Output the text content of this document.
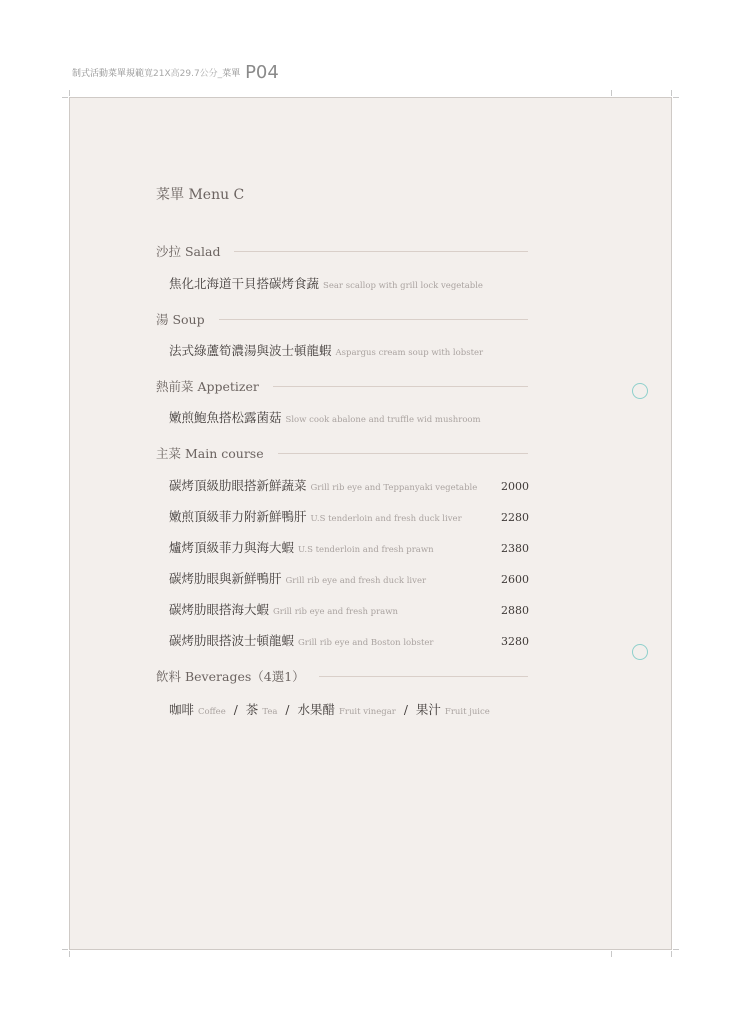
制式活動菜單規範寬21X高29.7公分_菜單 P04
菜單 Menu C
沙拉 Salad
焦化北海道干貝搭碳烤食蔬 Sear scallop with grill lock vegetable
湯 Soup
法式綠蘆筍濃湯與波士頓龍蝦 Aspargus cream soup with lobster
熱前菜 Appetizer
嫩煎鮑魚搭松露菌菇 Slow cook abalone and truffle wid mushroom
主菜 Main course
碳烤頂級肋眼搭新鮮蔬菜 Grill rib eye and Teppanyaki vegetable 2000
嫩煎頂級菲力附新鮮鴨肝 U.S tenderloin and fresh duck liver	2280
爐烤頂級菲力與海大蝦 U.S tenderloin and fresh prawn	2380
碳烤肋眼與新鮮鴨肝 Grill rib eye and fresh duck liver	2600
碳烤肋眼搭海大蝦 Grill rib eye and fresh prawn	2880
碳烤肋眼搭波士頓龍蝦 Grill rib eye and Boston lobster	3280
飲料 Beverages（4選1）
咖啡 Coffee / 茶 Tea / 水果醋 Fruit vinegar / 果汁 Fruit juice
